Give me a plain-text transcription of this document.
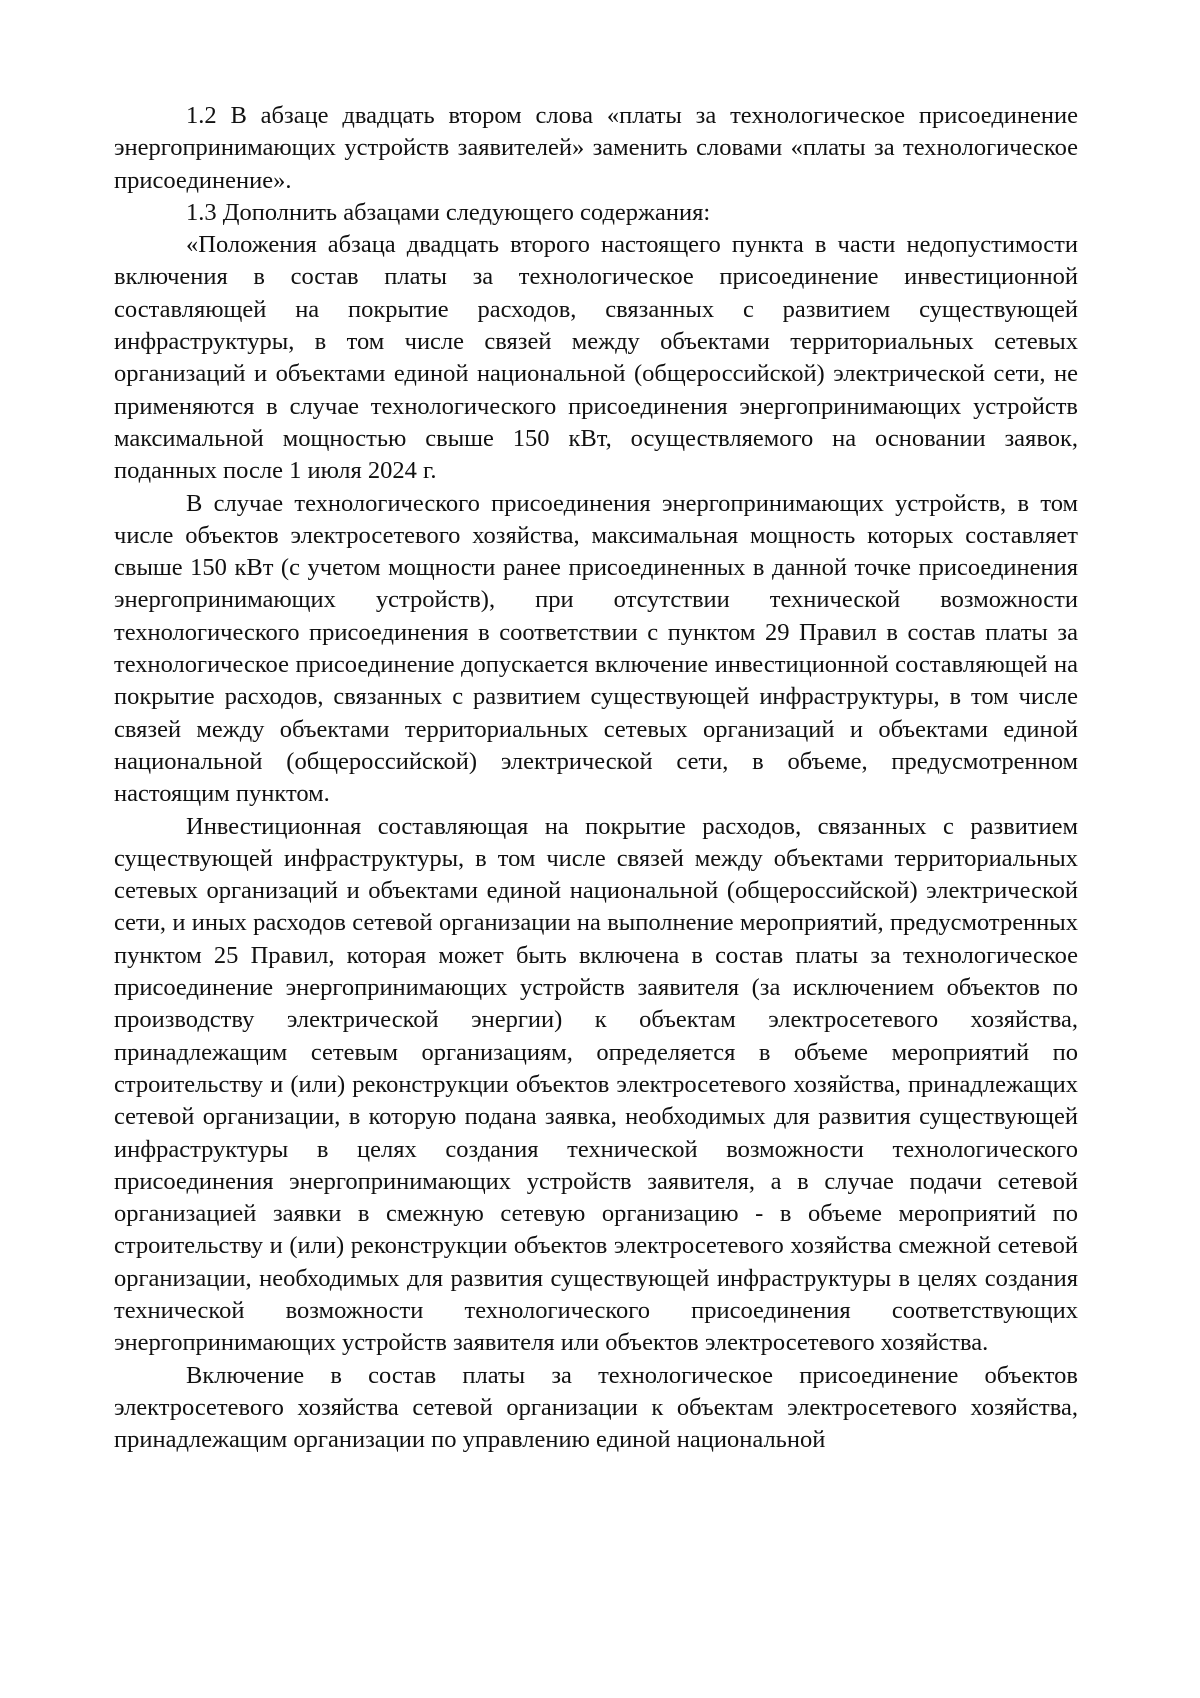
1.2 В абзаце двадцать втором слова «платы за технологическое присоединение энергопринимающих устройств заявителей» заменить словами «платы за технологическое присоединение».

1.3 Дополнить абзацами следующего содержания:

«Положения абзаца двадцать второго настоящего пункта в части недопустимости включения в состав платы за технологическое присоединение инвестиционной составляющей на покрытие расходов, связанных с развитием существующей инфраструктуры, в том числе связей между объектами территориальных сетевых организаций и объектами единой национальной (общероссийской) электрической сети, не применяются в случае технологического присоединения энергопринимающих устройств максимальной мощностью свыше 150 кВт, осуществляемого на основании заявок, поданных после 1 июля 2024 г.

В случае технологического присоединения энергопринимающих устройств, в том числе объектов электросетевого хозяйства, максимальная мощность которых составляет свыше 150 кВт (с учетом мощности ранее присоединенных в данной точке присоединения энергопринимающих устройств), при отсутствии технической возможности технологического присоединения в соответствии с пунктом 29 Правил в состав платы за технологическое присоединение допускается включение инвестиционной составляющей на покрытие расходов, связанных с развитием существующей инфраструктуры, в том числе связей между объектами территориальных сетевых организаций и объектами единой национальной (общероссийской) электрической сети, в объеме, предусмотренном настоящим пунктом.

Инвестиционная составляющая на покрытие расходов, связанных с развитием существующей инфраструктуры, в том числе связей между объектами территориальных сетевых организаций и объектами единой национальной (общероссийской) электрической сети, и иных расходов сетевой организации на выполнение мероприятий, предусмотренных пунктом 25 Правил, которая может быть включена в состав платы за технологическое присоединение энергопринимающих устройств заявителя (за исключением объектов по производству электрической энергии) к объектам электросетевого хозяйства, принадлежащим сетевым организациям, определяется в объеме мероприятий по строительству и (или) реконструкции объектов электросетевого хозяйства, принадлежащих сетевой организации, в которую подана заявка, необходимых для развития существующей инфраструктуры в целях создания технической возможности технологического присоединения энергопринимающих устройств заявителя, а в случае подачи сетевой организацией заявки в смежную сетевую организацию - в объеме мероприятий по строительству и (или) реконструкции объектов электросетевого хозяйства смежной сетевой организации, необходимых для развития существующей инфраструктуры в целях создания технической возможности технологического присоединения соответствующих энергопринимающих устройств заявителя или объектов электросетевого хозяйства.

Включение в состав платы за технологическое присоединение объектов электросетевого хозяйства сетевой организации к объектам электросетевого хозяйства, принадлежащим организации по управлению единой национальной
